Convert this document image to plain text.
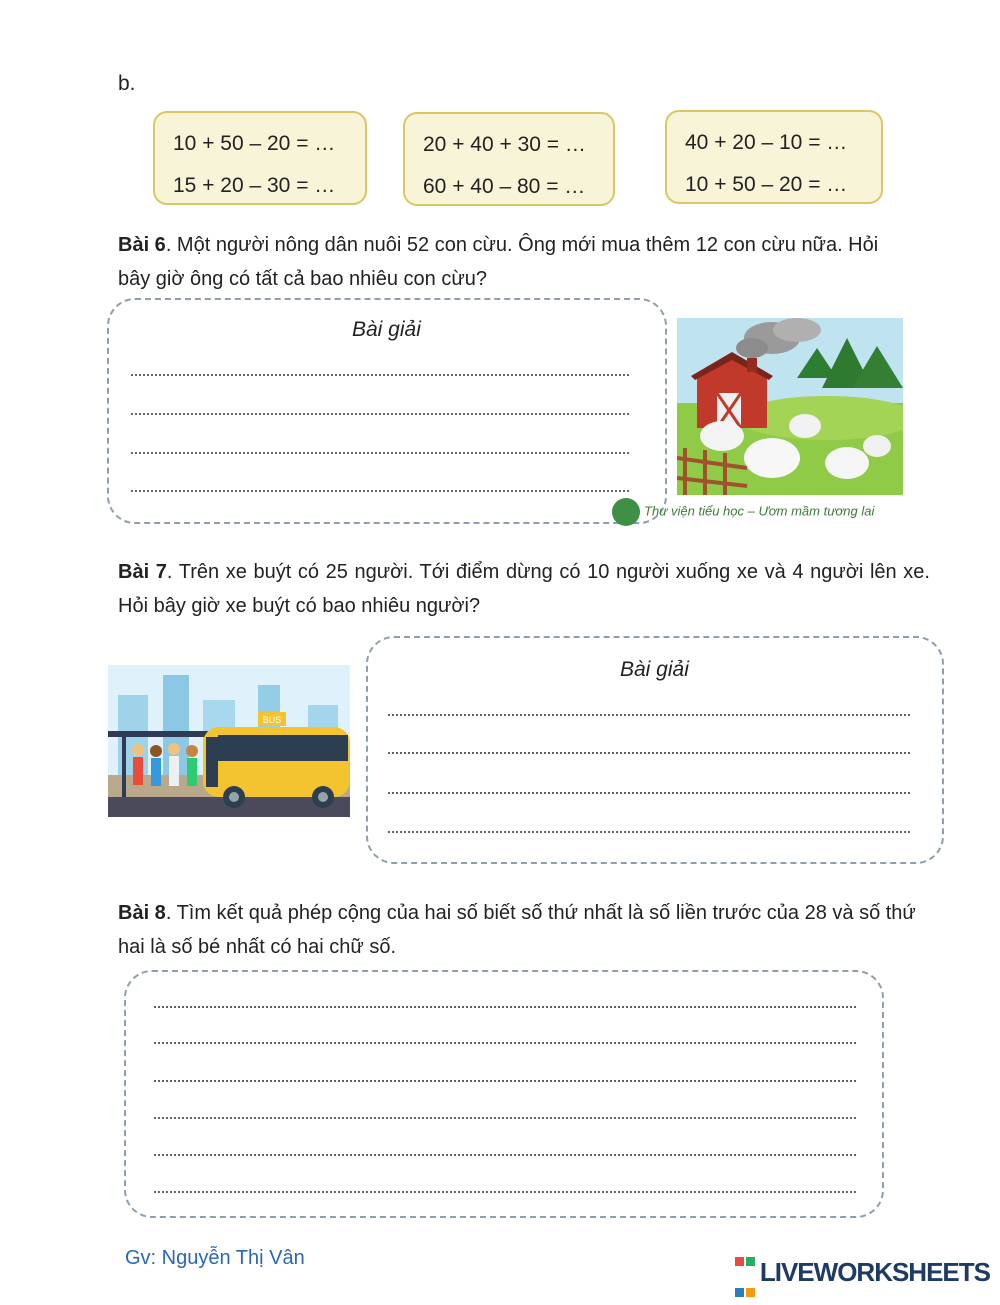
b.
10 + 50 – 20 = …
15 + 20 – 30 = …
20 + 40 + 30 = …
60 + 40 – 80 = …
40 + 20 – 10 = …
10 + 50 – 20 = …
Bài 6. Một người nông dân nuôi 52 con cừu. Ông mới mua thêm 12 con cừu nữa. Hỏi bây giờ ông có tất cả bao nhiêu con cừu?
Bài giải
Thư viện tiểu học – Ươm mầm tương lai
Bài 7. Trên xe buýt có 25 người. Tới điểm dừng có 10 người xuống xe và 4 người lên xe. Hỏi bây giờ xe buýt có bao nhiêu người?
BUS
Bài giải
Bài 8. Tìm kết quả phép cộng của hai số biết số thứ nhất là số liền trước của 28 và số thứ hai là số bé nhất có hai chữ số.
Gv: Nguyễn Thị Vân	LIVEWORKSHEETS
